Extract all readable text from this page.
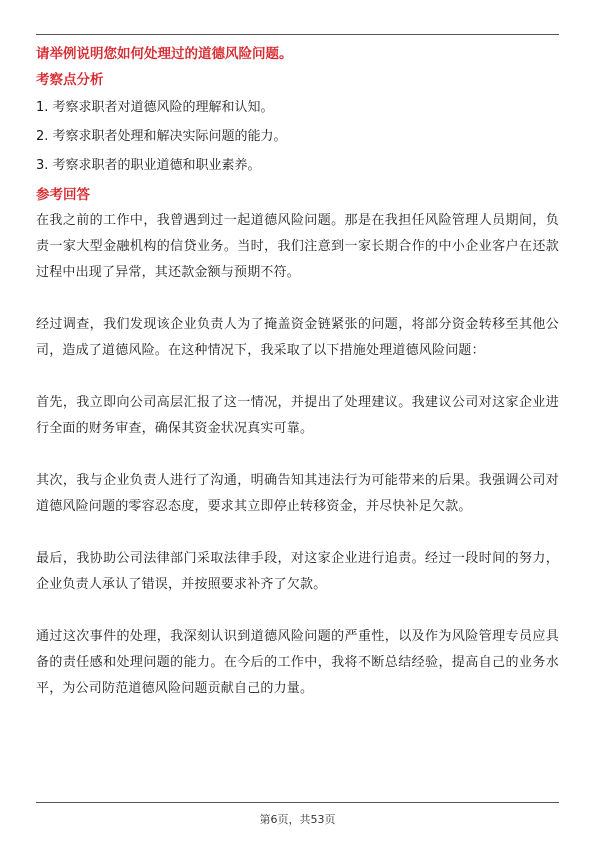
请举例说明您如何处理过的道德风险问题。

考察点分析

1. 考察求职者对道德风险的理解和认知。
2. 考察求职者处理和解决实际问题的能力。
3. 考察求职者的职业道德和职业素养。

参考回答

在我之前的工作中，我曾遇到过一起道德风险问题。那是在我担任风险管理人员期间，负责一家大型金融机构的信贷业务。当时，我们注意到一家长期合作的中小企业客户在还款过程中出现了异常，其还款金额与预期不符。

经过调查，我们发现该企业负责人为了掩盖资金链紧张的问题，将部分资金转移至其他公司，造成了道德风险。在这种情况下，我采取了以下措施处理道德风险问题：

首先，我立即向公司高层汇报了这一情况，并提出了处理建议。我建议公司对这家企业进行全面的财务审查，确保其资金状况真实可靠。

其次，我与企业负责人进行了沟通，明确告知其违法行为可能带来的后果。我强调公司对道德风险问题的零容忍态度，要求其立即停止转移资金，并尽快补足欠款。

最后，我协助公司法律部门采取法律手段，对这家企业进行追责。经过一段时间的努力，企业负责人承认了错误，并按照要求补齐了欠款。

通过这次事件的处理，我深刻认识到道德风险问题的严重性，以及作为风险管理专员应具备的责任感和处理问题的能力。在今后的工作中，我将不断总结经验，提高自己的业务水平，为公司防范道德风险问题贡献自己的力量。

第6页，共53页
